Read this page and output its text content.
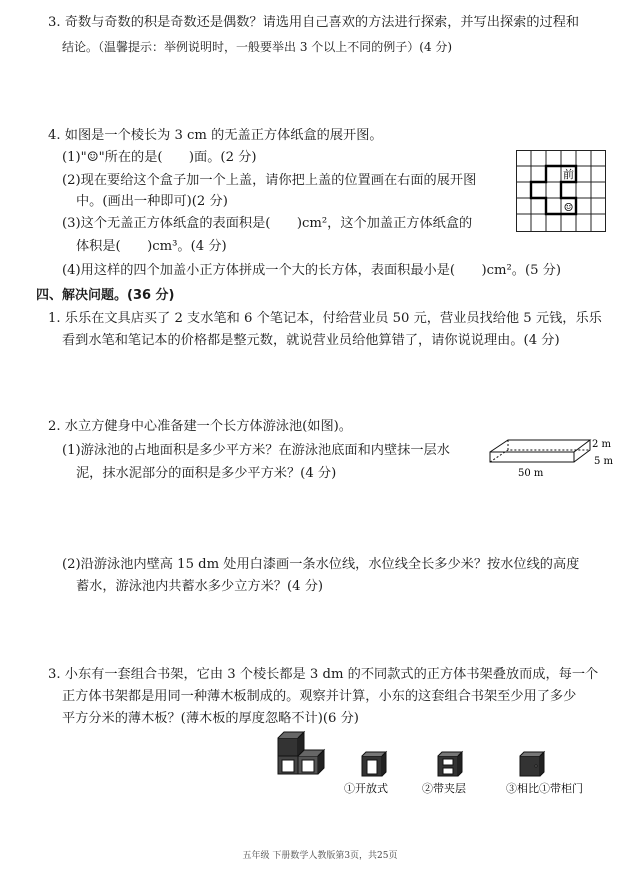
3. 奇数与奇数的积是奇数还是偶数？请选用自己喜欢的方法进行探索，并写出探索的过程和
结论。（温馨提示：举例说明时，一般要举出 3 个以上不同的例子）(4 分)
4. 如图是一个棱长为 3 cm 的无盖正方体纸盒的展开图。
(1)"☺"所在的是(　　)面。(2 分)
(2)现在要给这个盒子加一个上盖，请你把上盖的位置画在右面的展开图
中。(画出一种即可)(2 分)
(3)这个无盖正方体纸盒的表面积是(　　)cm²，这个加盖正方体纸盒的
体积是(　　)cm³。(4 分)
(4)用这样的四个加盖小正方体拼成一个大的长方体，表面积最小是(　　)cm²。(5 分)
前
☺
四、解决问题。(36 分)
1. 乐乐在文具店买了 2 支水笔和 6 个笔记本，付给营业员 50 元，营业员找给他 5 元钱，乐乐
看到水笔和笔记本的价格都是整元数，就说营业员给他算错了，请你说说理由。(4 分)
2. 水立方健身中心准备建一个长方体游泳池(如图)。
(1)游泳池的占地面积是多少平方米？在游泳池底面和内壁抹一层水
泥，抹水泥部分的面积是多少平方米？(4 分)
2 m
5 m
50 m
(2)沿游泳池内壁高 15 dm 处用白漆画一条水位线，水位线全长多少米？按水位线的高度
蓄水，游泳池内共蓄水多少立方米？(4 分)
3. 小东有一套组合书架，它由 3 个棱长都是 3 dm 的不同款式的正方体书架叠放而成，每一个
正方体书架都是用同一种薄木板制成的。观察并计算，小东的这套组合书架至少用了多少
平方分米的薄木板？(薄木板的厚度忽略不计)(6 分)
①开放式	②带夹层	③相比①带柜门
五年级 下册数学人教版第3页，共25页
